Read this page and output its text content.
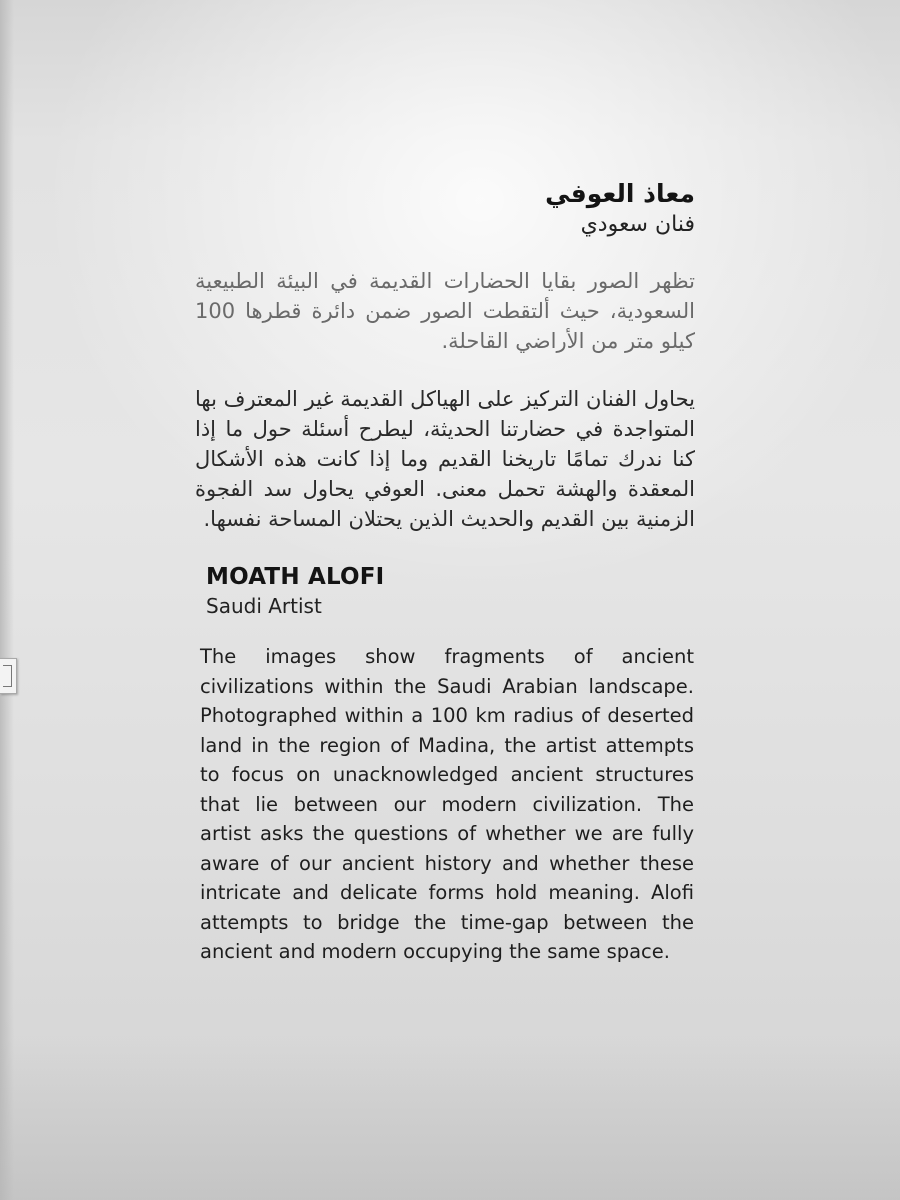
معاذ العوفي

فنان سعودي

تظهر الصور بقايا الحضارات القديمة في البيئة الطبيعية السعودية، حيث ألتقطت الصور ضمن دائرة قطرها 100 كيلو متر من الأراضي القاحلة.

يحاول الفنان التركيز على الهياكل القديمة غير المعترف بها المتواجدة في حضارتنا الحديثة، ليطرح أسئلة حول ما إذا كنا ندرك تمامًا تاريخنا القديم وما إذا كانت هذه الأشكال المعقدة والهشة تحمل معنى. العوفي يحاول سد الفجوة الزمنية بين القديم والحديث الذين يحتلان المساحة نفسها.

MOATH ALOFI

Saudi Artist

The images show fragments of ancient civilizations within the Saudi Arabian landscape. Photographed within a 100 km radius of deserted land in the region of Madina, the artist attempts to focus on unacknowledged ancient structures that lie between our modern civilization. The artist asks the questions of whether we are fully aware of our ancient history and whether these intricate and delicate forms hold meaning. Alofi attempts to bridge the time-gap between the ancient and modern occupying the same space.
